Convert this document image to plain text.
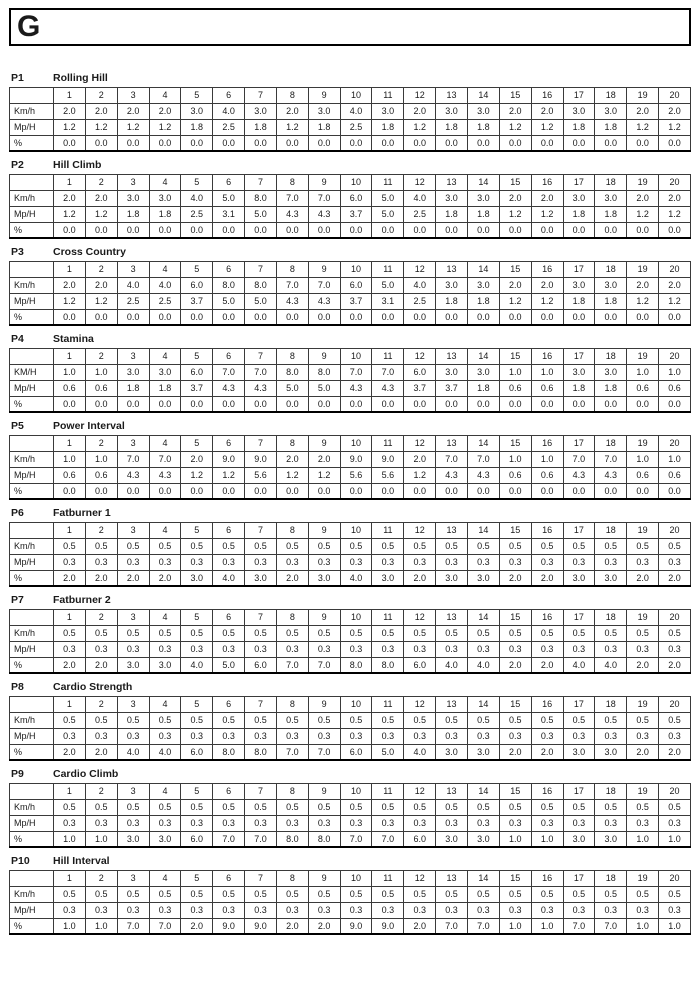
G
P1	Rolling Hill
	1	2	3	4	5	6	7	8	9	10	11	12	13	14	15	16	17	18	19	20
Km/h	2.0	2.0	2.0	2.0	3.0	4.0	3.0	2.0	3.0	4.0	3.0	2.0	3.0	3.0	2.0	2.0	3.0	3.0	2.0	2.0
Mp/H	1.2	1.2	1.2	1.2	1.8	2.5	1.8	1.2	1.8	2.5	1.8	1.2	1.8	1.8	1.2	1.2	1.8	1.8	1.2	1.2
%	0.0	0.0	0.0	0.0	0.0	0.0	0.0	0.0	0.0	0.0	0.0	0.0	0.0	0.0	0.0	0.0	0.0	0.0	0.0	0.0
P2	Hill Climb
	1	2	3	4	5	6	7	8	9	10	11	12	13	14	15	16	17	18	19	20
Km/h	2.0	2.0	3.0	3.0	4.0	5.0	8.0	7.0	7.0	6.0	5.0	4.0	3.0	3.0	2.0	2.0	3.0	3.0	2.0	2.0
Mp/H	1.2	1.2	1.8	1.8	2.5	3.1	5.0	4.3	4.3	3.7	5.0	2.5	1.8	1.8	1.2	1.2	1.8	1.8	1.2	1.2
%	0.0	0.0	0.0	0.0	0.0	0.0	0.0	0.0	0.0	0.0	0.0	0.0	0.0	0.0	0.0	0.0	0.0	0.0	0.0	0.0
P3	Cross Country
	1	2	3	4	5	6	7	8	9	10	11	12	13	14	15	16	17	18	19	20
Km/h	2.0	2.0	4.0	4.0	6.0	8.0	8.0	7.0	7.0	6.0	5.0	4.0	3.0	3.0	2.0	2.0	3.0	3.0	2.0	2.0
Mp/H	1.2	1.2	2.5	2.5	3.7	5.0	5.0	4.3	4.3	3.7	3.1	2.5	1.8	1.8	1.2	1.2	1.8	1.8	1.2	1.2
%	0.0	0.0	0.0	0.0	0.0	0.0	0.0	0.0	0.0	0.0	0.0	0.0	0.0	0.0	0.0	0.0	0.0	0.0	0.0	0.0
P4	Stamina
	1	2	3	4	5	6	7	8	9	10	11	12	13	14	15	16	17	18	19	20
KM/H	1.0	1.0	3.0	3.0	6.0	7.0	7.0	8.0	8.0	7.0	7.0	6.0	3.0	3.0	1.0	1.0	3.0	3.0	1.0	1.0
Mp/H	0.6	0.6	1.8	1.8	3.7	4.3	4.3	5.0	5.0	4.3	4.3	3.7	3.7	1.8	0.6	0.6	1.8	1.8	0.6	0.6
%	0.0	0.0	0.0	0.0	0.0	0.0	0.0	0.0	0.0	0.0	0.0	0.0	0.0	0.0	0.0	0.0	0.0	0.0	0.0	0.0
P5	Power Interval
	1	2	3	4	5	6	7	8	9	10	11	12	13	14	15	16	17	18	19	20
Km/h	1.0	1.0	7.0	7.0	2.0	9.0	9.0	2.0	2.0	9.0	9.0	2.0	7.0	7.0	1.0	1.0	7.0	7.0	1.0	1.0
Mp/H	0.6	0.6	4.3	4.3	1.2	1.2	5.6	1.2	1.2	5.6	5.6	1.2	4.3	4.3	0.6	0.6	4.3	4.3	0.6	0.6
%	0.0	0.0	0.0	0.0	0.0	0.0	0.0	0.0	0.0	0.0	0.0	0.0	0.0	0.0	0.0	0.0	0.0	0.0	0.0	0.0
P6	Fatburner 1
	1	2	3	4	5	6	7	8	9	10	11	12	13	14	15	16	17	18	19	20
Km/h	0.5	0.5	0.5	0.5	0.5	0.5	0.5	0.5	0.5	0.5	0.5	0.5	0.5	0.5	0.5	0.5	0.5	0.5	0.5	0.5
Mp/H	0.3	0.3	0.3	0.3	0.3	0.3	0.3	0.3	0.3	0.3	0.3	0.3	0.3	0.3	0.3	0.3	0.3	0.3	0.3	0.3
%	2.0	2.0	2.0	2.0	3.0	4.0	3.0	2.0	3.0	4.0	3.0	2.0	3.0	3.0	2.0	2.0	3.0	3.0	2.0	2.0
P7	Fatburner 2
	1	2	3	4	5	6	7	8	9	10	11	12	13	14	15	16	17	18	19	20
Km/h	0.5	0.5	0.5	0.5	0.5	0.5	0.5	0.5	0.5	0.5	0.5	0.5	0.5	0.5	0.5	0.5	0.5	0.5	0.5	0.5
Mp/H	0.3	0.3	0.3	0.3	0.3	0.3	0.3	0.3	0.3	0.3	0.3	0.3	0.3	0.3	0.3	0.3	0.3	0.3	0.3	0.3
%	2.0	2.0	3.0	3.0	4.0	5.0	6.0	7.0	7.0	8.0	8.0	6.0	4.0	4.0	2.0	2.0	4.0	4.0	2.0	2.0
P8	Cardio Strength
	1	2	3	4	5	6	7	8	9	10	11	12	13	14	15	16	17	18	19	20
Km/h	0.5	0.5	0.5	0.5	0.5	0.5	0.5	0.5	0.5	0.5	0.5	0.5	0.5	0.5	0.5	0.5	0.5	0.5	0.5	0.5
Mp/H	0.3	0.3	0.3	0.3	0.3	0.3	0.3	0.3	0.3	0.3	0.3	0.3	0.3	0.3	0.3	0.3	0.3	0.3	0.3	0.3
%	2.0	2.0	4.0	4.0	6.0	8.0	8.0	7.0	7.0	6.0	5.0	4.0	3.0	3.0	2.0	2.0	3.0	3.0	2.0	2.0
P9	Cardio Climb
	1	2	3	4	5	6	7	8	9	10	11	12	13	14	15	16	17	18	19	20
Km/h	0.5	0.5	0.5	0.5	0.5	0.5	0.5	0.5	0.5	0.5	0.5	0.5	0.5	0.5	0.5	0.5	0.5	0.5	0.5	0.5
Mp/H	0.3	0.3	0.3	0.3	0.3	0.3	0.3	0.3	0.3	0.3	0.3	0.3	0.3	0.3	0.3	0.3	0.3	0.3	0.3	0.3
%	1.0	1.0	3.0	3.0	6.0	7.0	7.0	8.0	8.0	7.0	7.0	6.0	3.0	3.0	1.0	1.0	3.0	3.0	1.0	1.0
P10	Hill Interval
	1	2	3	4	5	6	7	8	9	10	11	12	13	14	15	16	17	18	19	20
Km/h	0.5	0.5	0.5	0.5	0.5	0.5	0.5	0.5	0.5	0.5	0.5	0.5	0.5	0.5	0.5	0.5	0.5	0.5	0.5	0.5
Mp/H	0.3	0.3	0.3	0.3	0.3	0.3	0.3	0.3	0.3	0.3	0.3	0.3	0.3	0.3	0.3	0.3	0.3	0.3	0.3	0.3
%	1.0	1.0	7.0	7.0	2.0	9.0	9.0	2.0	2.0	9.0	9.0	2.0	7.0	7.0	1.0	1.0	7.0	7.0	1.0	1.0
